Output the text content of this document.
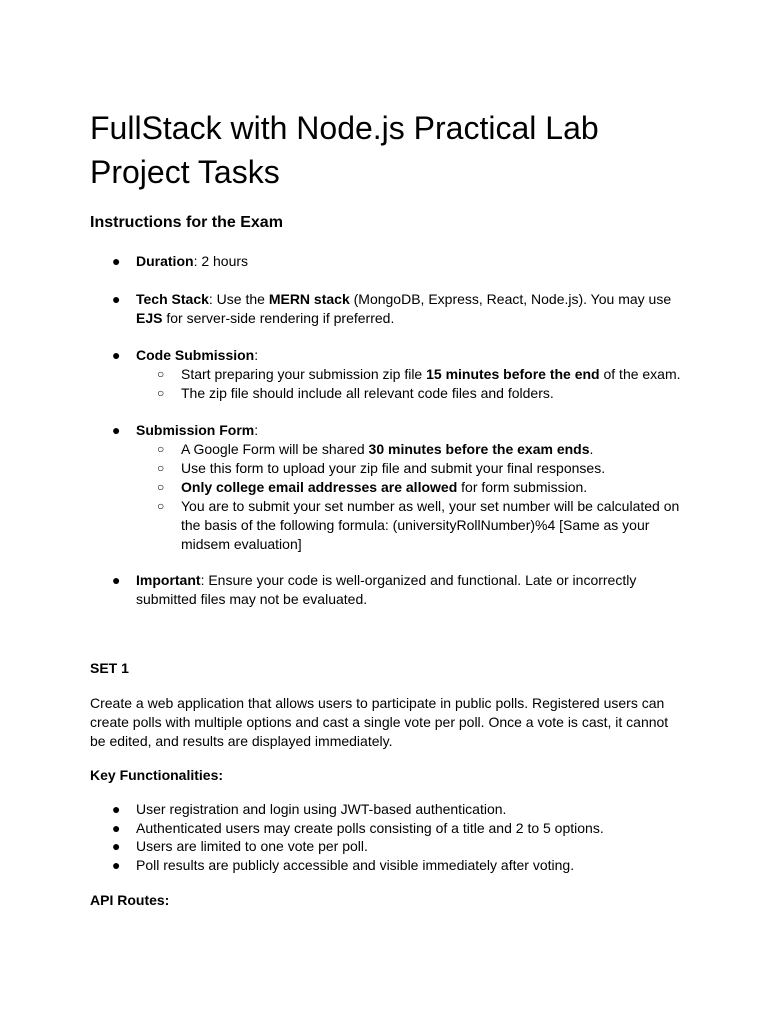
FullStack with Node.js Practical Lab Project Tasks
Instructions for the Exam
● Duration: 2 hours
● Tech Stack: Use the MERN stack (MongoDB, Express, React, Node.js). You may use
EJS for server-side rendering if preferred.
● Code Submission:
○ Start preparing your submission zip file 15 minutes before the end of the exam.
○ The zip file should include all relevant code files and folders.
● Submission Form:
○ A Google Form will be shared 30 minutes before the exam ends.
○ Use this form to upload your zip file and submit your final responses.
○ Only college email addresses are allowed for form submission.
○ You are to submit your set number as well, your set number will be calculated on
the basis of the following formula: (universityRollNumber)%4 [Same as your
midsem evaluation]
● Important: Ensure your code is well-organized and functional. Late or incorrectly
submitted files may not be evaluated.
SET 1
Create a web application that allows users to participate in public polls. Registered users can
create polls with multiple options and cast a single vote per poll. Once a vote is cast, it cannot
be edited, and results are displayed immediately.
Key Functionalities:
● User registration and login using JWT-based authentication.
● Authenticated users may create polls consisting of a title and 2 to 5 options.
● Users are limited to one vote per poll.
● Poll results are publicly accessible and visible immediately after voting.
API Routes:
